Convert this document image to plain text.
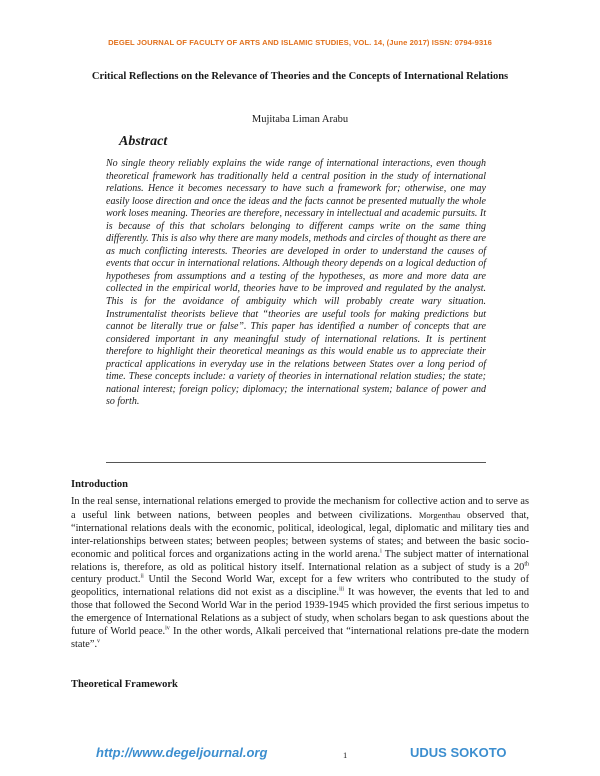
DEGEL JOURNAL OF FACULTY OF ARTS AND ISLAMIC STUDIES, VOL. 14, (June 2017) ISSN: 0794-9316
Critical Reflections on the Relevance of Theories and the Concepts of International Relations
Mujitaba Liman Arabu
Abstract

No single theory reliably explains the wide range of international interactions, even though theoretical framework has traditionally held a central position in the study of international relations. Hence it becomes necessary to have such a framework for; otherwise, one may easily loose direction and once the ideas and the facts cannot be presented mutually the whole work loses meaning. Theories are therefore, necessary in intellectual and academic pursuits. It is because of this that scholars belonging to different camps write on the same thing differently. This is also why there are many models, methods and circles of thought as there are as much conflicting interests. Theories are developed in order to understand the causes of events that occur in international relations. Although theory depends on a logical deduction of hypotheses from assumptions and a testing of the hypotheses, as more and more data are collected in the empirical world, theories have to be improved and regulated by the analyst. This is for the avoidance of ambiguity which will probably create wary situation. Instrumentalist theorists believe that “theories are useful tools for making predictions but cannot be literally true or false”. This paper has identified a number of concepts that are considered important in any meaningful study of international relations. It is pertinent therefore to highlight their theoretical meanings as this would enable us to appreciate their practical applications in everyday use in the relations between States over a long period of time. These concepts include: a variety of theories in international relation studies; the state; national interest; foreign policy; diplomacy; the international system; balance of power and so forth.

Introduction

In the real sense, international relations emerged to provide the mechanism for collective action and to serve as a useful link between nations, between peoples and between civilizations. Morgenthau observed that, “international relations deals with the economic, political, ideological, legal, diplomatic and military ties and inter-relationships between states; between peoples; between systems of states; and between the basic socio-economic and political forces and organizations acting in the world arena.$^i$ The subject matter of international relations is, therefore, as old as political history itself. International relation as a subject of study is a 20th century product.$^{ii}$ Until the Second World War, except for a few writers who contributed to the study of geopolitics, international relations did not exist as a discipline.$^{iii}$ It was however, the events that led to and those that followed the Second World War in the period 1939-1945 which provided the first serious impetus to the emergence of International Relations as a subject of study, when scholars began to ask questions about the future of World peace.$^{iv}$ In the other words, Alkali perceived that “international relations pre-date the modern state”.$^v$

Theoretical Framework
http://www.degeljournal.org	1	UDUS SOKOTO
